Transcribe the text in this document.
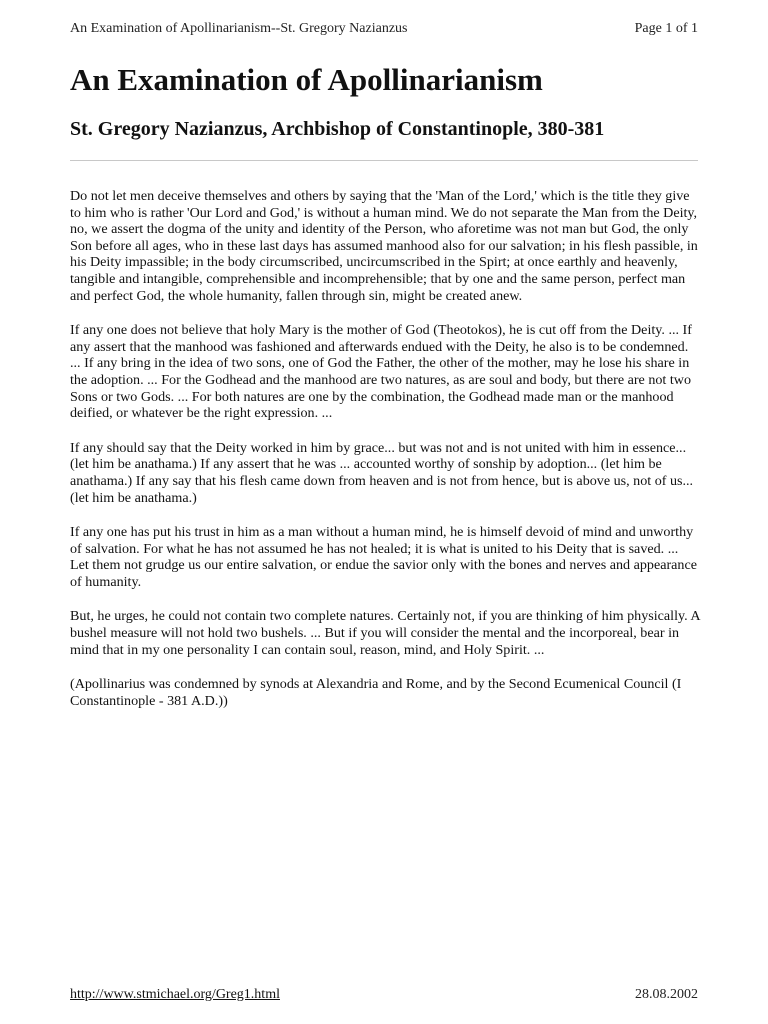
An Examination of Apollinarianism--St. Gregory Nazianzus	Page 1 of 1
An Examination of Apollinarianism
St. Gregory Nazianzus, Archbishop of Constantinople, 380-381

Do not let men deceive themselves and others by saying that the 'Man of the Lord,' which is the title they give to him who is rather 'Our Lord and God,' is without a human mind. We do not separate the Man from the Deity, no, we assert the dogma of the unity and identity of the Person, who aforetime was not man but God, the only Son before all ages, who in these last days has assumed manhood also for our salvation; in his flesh passible, in his Deity impassible; in the body circumscribed, uncircumscribed in the Spirt; at once earthly and heavenly, tangible and intangible, comprehensible and incomprehensible; that by one and the same person, perfect man and perfect God, the whole humanity, fallen through sin, might be created anew.

If any one does not believe that holy Mary is the mother of God (Theotokos), he is cut off from the Deity. ... If any assert that the manhood was fashioned and afterwards endued with the Deity, he also is to be condemned. ... If any bring in the idea of two sons, one of God the Father, the other of the mother, may he lose his share in the adoption. ... For the Godhead and the manhood are two natures, as are soul and body, but there are not two Sons or two Gods. ... For both natures are one by the combination, the Godhead made man or the manhood deified, or whatever be the right expression. ...

If any should say that the Deity worked in him by grace... but was not and is not united with him in essence...(let him be anathama.) If any assert that he was ... accounted worthy of sonship by adoption... (let him be anathama.) If any say that his flesh came down from heaven and is not from hence, but is above us, not of us... (let him be anathama.)

If any one has put his trust in him as a man without a human mind, he is himself devoid of mind and unworthy of salvation. For what he has not assumed he has not healed; it is what is united to his Deity that is saved. ... Let them not grudge us our entire salvation, or endue the savior only with the bones and nerves and appearance of humanity.

But, he urges, he could not contain two complete natures. Certainly not, if you are thinking of him physically. A bushel measure will not hold two bushels. ... But if you will consider the mental and the incorporeal, bear in mind that in my one personality I can contain soul, reason, mind, and Holy Spirit. ...

(Apollinarius was condemned by synods at Alexandria and Rome, and by the Second Ecumenical Council (I Constantinople - 381 A.D.))

http://www.stmichael.org/Greg1.html	28.08.2002
